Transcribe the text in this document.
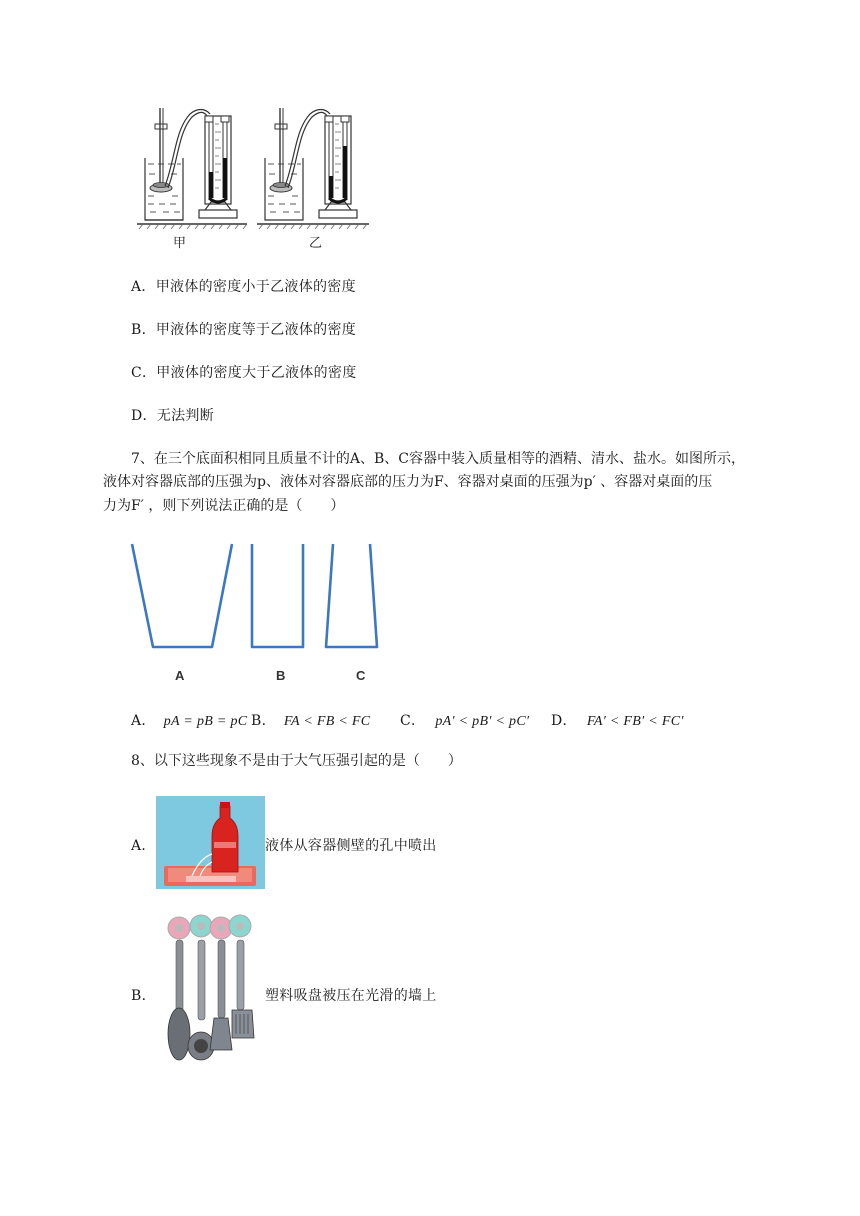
甲	乙
A．甲液体的密度小于乙液体的密度
B．甲液体的密度等于乙液体的密度
C．甲液体的密度大于乙液体的密度
D．无法判断
7、在三个底面积相同且质量不计的A、B、C容器中装入质量相等的酒精、清水、盐水。如图所示，
液体对容器底部的压强为p、液体对容器底部的压力为F、容器对桌面的压强为p′ 、容器对桌面的压
力为F′ ，则下列说法正确的是（　　）
A	B	C
A． pA = pB = pC B． FA < FB < FC C． pA′ < pB′ < pC′ D． FA′ < FB′ < FC′
8、以下这些现象不是由于大气压强引起的是（　　）
A．	液体从容器侧壁的孔中喷出
B．	塑料吸盘被压在光滑的墙上
